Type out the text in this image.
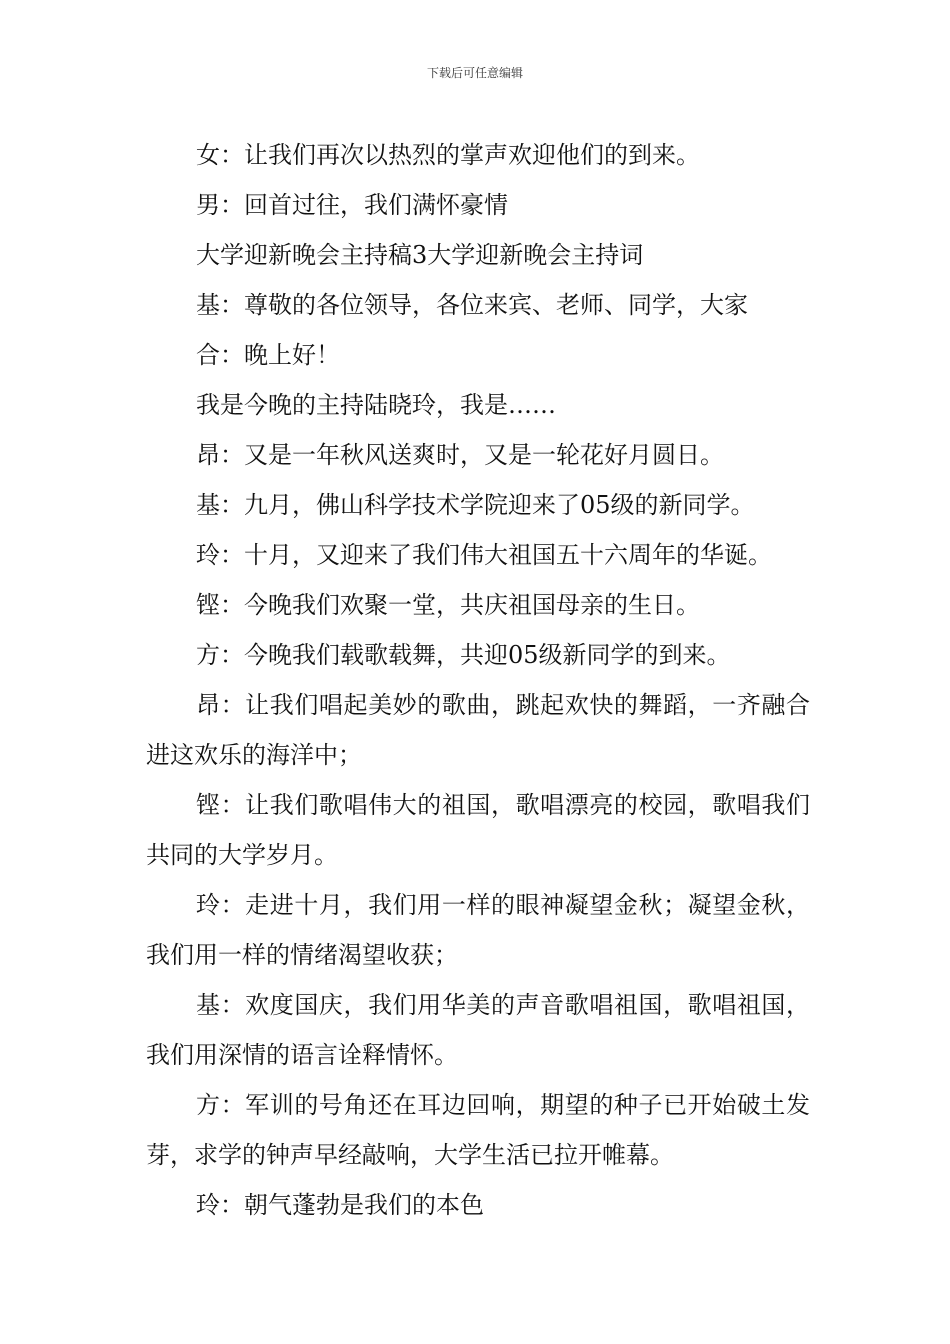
下载后可任意编辑

女：让我们再次以热烈的掌声欢迎他们的到来。

男：回首过往，我们满怀豪情

大学迎新晚会主持稿3大学迎新晚会主持词

基：尊敬的各位领导，各位来宾、老师、同学，大家

合：晚上好！

我是今晚的主持陆晓玲，我是……

昂：又是一年秋风送爽时，又是一轮花好月圆日。

基：九月，佛山科学技术学院迎来了05级的新同学。

玲：十月，又迎来了我们伟大祖国五十六周年的华诞。

铿：今晚我们欢聚一堂，共庆祖国母亲的生日。

方：今晚我们载歌载舞，共迎05级新同学的到来。

昂：让我们唱起美妙的歌曲，跳起欢快的舞蹈，一齐融合进这欢乐的海洋中；

铿：让我们歌唱伟大的祖国，歌唱漂亮的校园，歌唱我们共同的大学岁月。

玲：走进十月，我们用一样的眼神凝望金秋；凝望金秋，我们用一样的情绪渴望收获；

基：欢度国庆，我们用华美的声音歌唱祖国，歌唱祖国，我们用深情的语言诠释情怀。

方：军训的号角还在耳边回响，期望的种子已开始破土发芽，求学的钟声早经敲响，大学生活已拉开帷幕。

玲：朝气蓬勃是我们的本色
